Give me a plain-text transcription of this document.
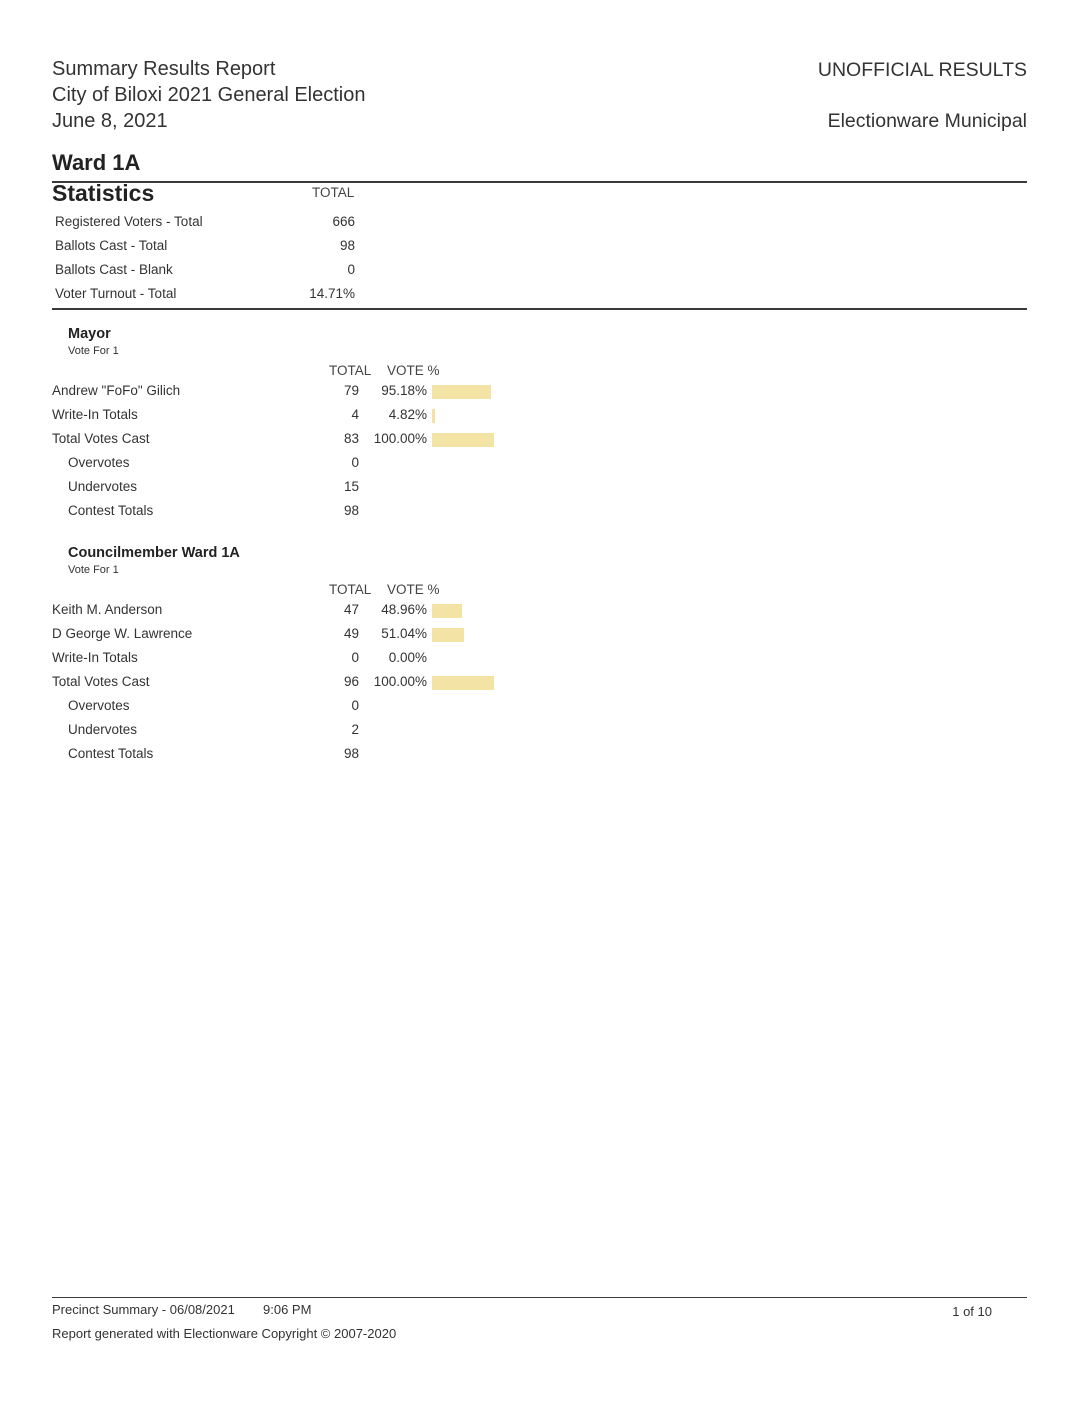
Summary Results Report
City of Biloxi 2021 General Election
June 8, 2021
UNOFFICIAL RESULTS
Electionware Municipal
Ward 1A
Statistics	TOTAL
Registered Voters - Total	666
Ballots Cast - Total	98
Ballots Cast - Blank	0
Voter Turnout - Total	14.71%
Mayor
Vote For 1
TOTAL VOTE %
Andrew "FoFo" Gilich	79 95.18%
Write-In Totals	4 4.82%
Total Votes Cast	83 100.00%
Overvotes	0
Undervotes	15
Contest Totals	98
Councilmember Ward 1A
Vote For 1
TOTAL VOTE %
Keith M. Anderson	47 48.96%
D George W. Lawrence	49 51.04%
Write-In Totals	0 0.00%
Total Votes Cast	96 100.00%
Overvotes	0
Undervotes	2
Contest Totals	98
Precinct Summary - 06/08/2021 9:06 PM	1 of 10
Report generated with Electionware Copyright © 2007-2020
